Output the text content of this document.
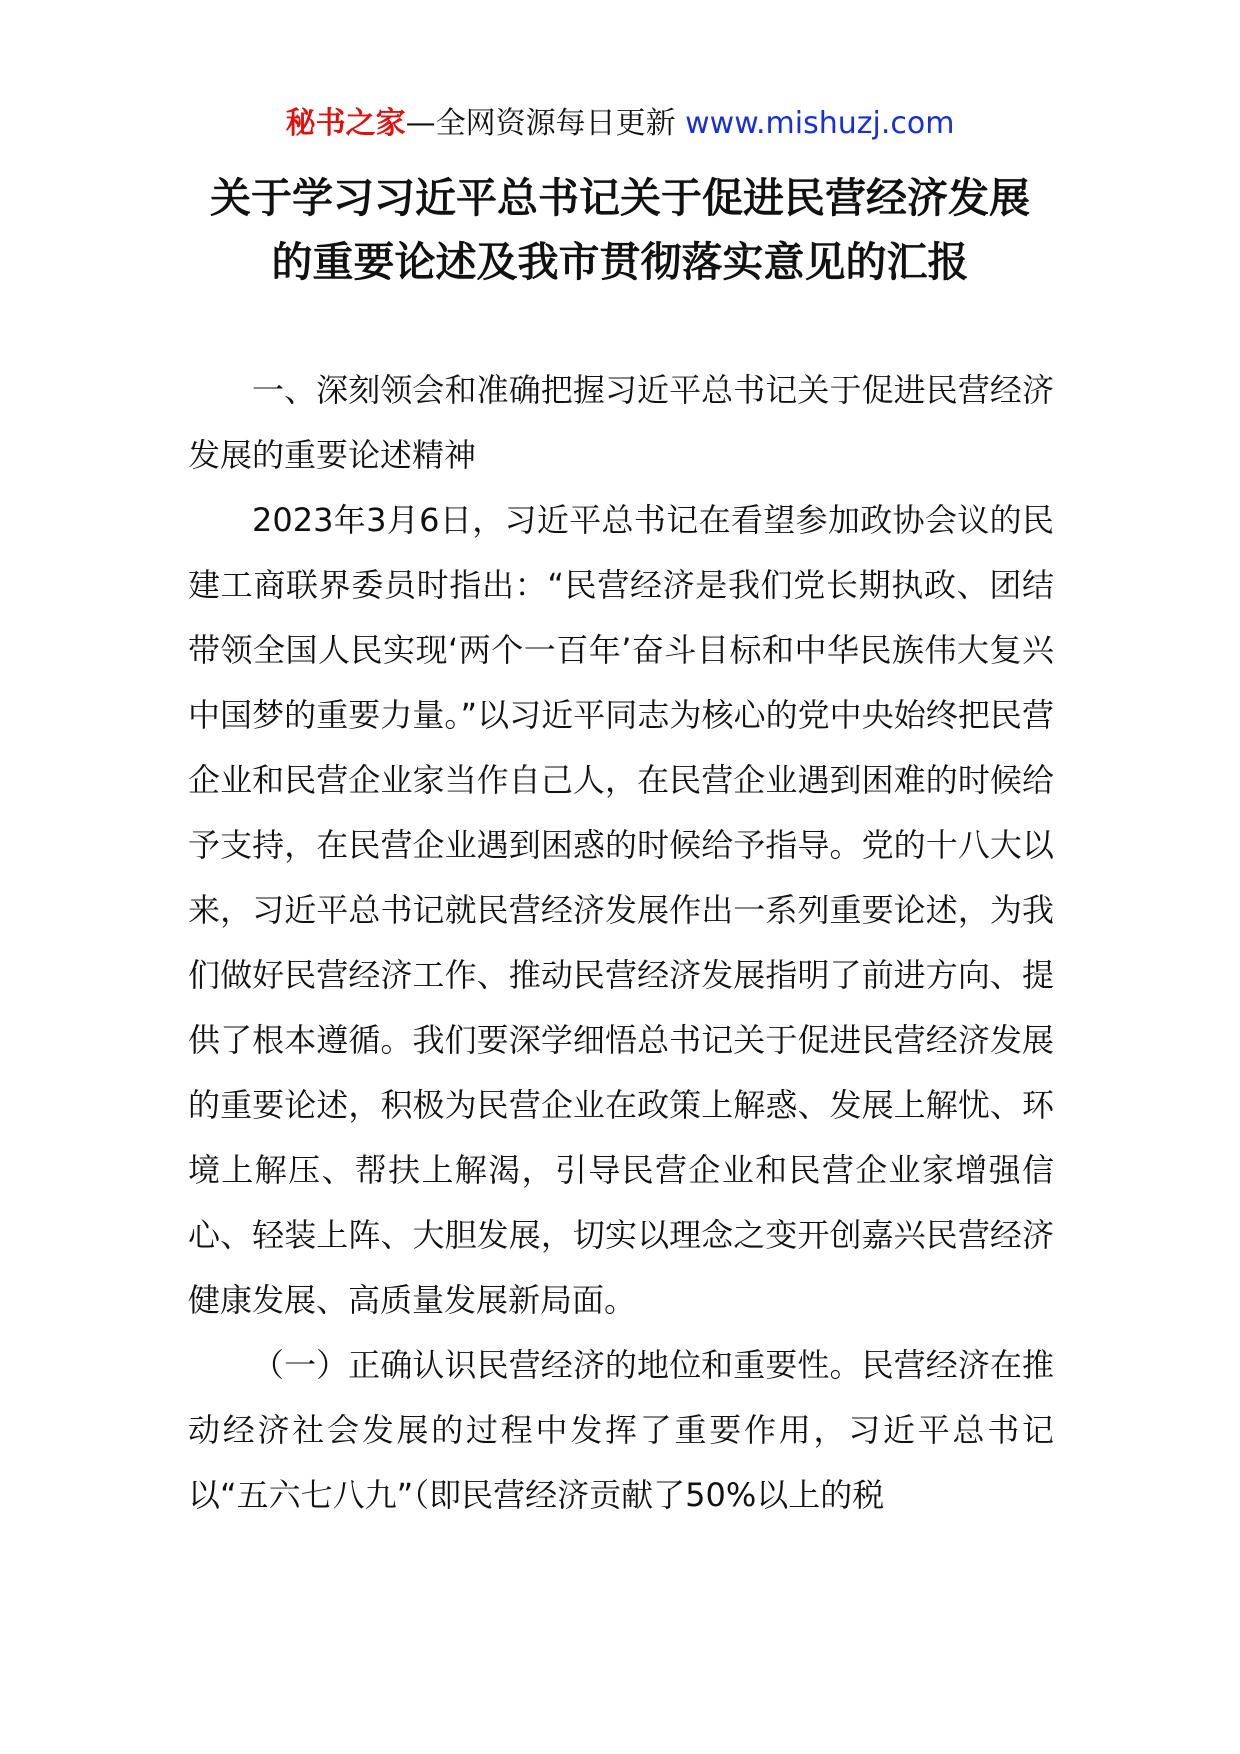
秘书之家—全网资源每日更新 www.mishuzj.com
关于学习习近平总书记关于促进民营经济发展
的重要论述及我市贯彻落实意见的汇报

一、深刻领会和准确把握习近平总书记关于促进民营经济发展的重要论述精神

2023年3月6日，习近平总书记在看望参加政协会议的民建工商联界委员时指出：“民营经济是我们党长期执政、团结带领全国人民实现‘两个一百年’奋斗目标和中华民族伟大复兴中国梦的重要力量。”以习近平同志为核心的党中央始终把民营企业和民营企业家当作自己人，在民营企业遇到困难的时候给予支持，在民营企业遇到困惑的时候给予指导。党的十八大以来，习近平总书记就民营经济发展作出一系列重要论述，为我们做好民营经济工作、推动民营经济发展指明了前进方向、提供了根本遵循。我们要深学细悟总书记关于促进民营经济发展的重要论述，积极为民营企业在政策上解惑、发展上解忧、环境上解压、帮扶上解渴，引导民营企业和民营企业家增强信心、轻装上阵、大胆发展，切实以理念之变开创嘉兴民营经济健康发展、高质量发展新局面。

（一）正确认识民营经济的地位和重要性。民营经济在推动经济社会发展的过程中发挥了重要作用，习近平总书记以“五六七八九”（即民营经济贡献了50%以上的税
